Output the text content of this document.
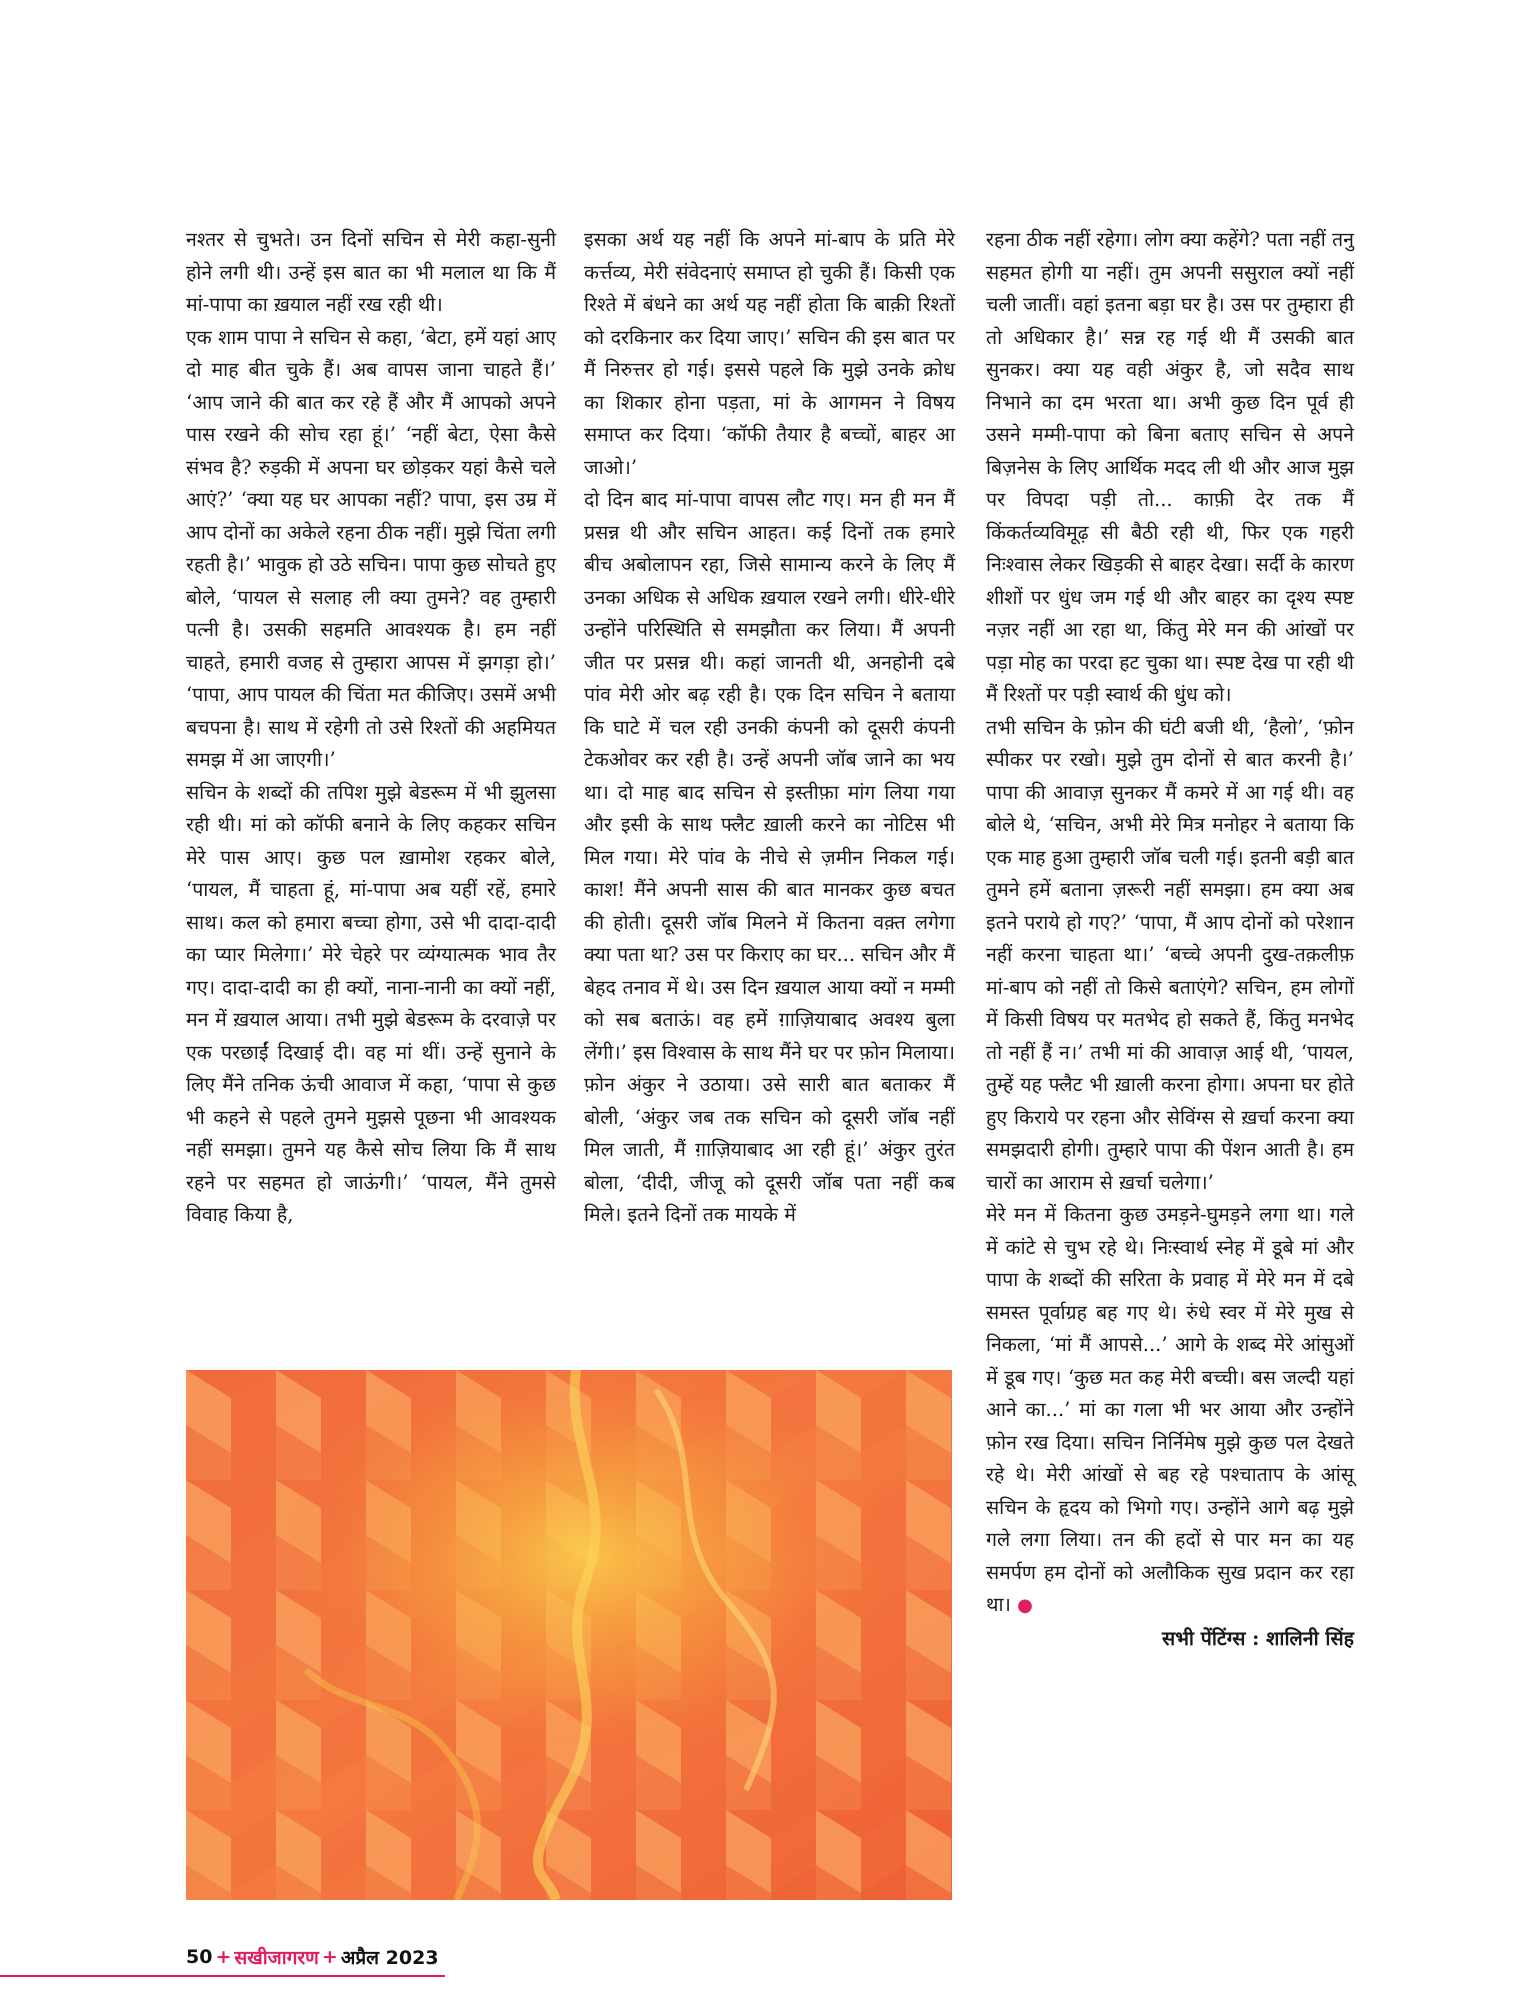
नश्तर से चुभते। उन दिनों सचिन से मेरी कहा-सुनी होने लगी थी। उन्हें इस बात का भी मलाल था कि मैं मां-पापा का ख़याल नहीं रख रही थी।

एक शाम पापा ने सचिन से कहा, ‘बेटा, हमें यहां आए दो माह बीत चुके हैं। अब वापस जाना चाहते हैं।’ ‘आप जाने की बात कर रहे हैं और मैं आपको अपने पास रखने की सोच रहा हूं।’ ‘नहीं बेटा, ऐसा कैसे संभव है? रुड़की में अपना घर छोड़कर यहां कैसे चले आएं?’ ‘क्या यह घर आपका नहीं? पापा, इस उम्र में आप दोनों का अकेले रहना ठीक नहीं। मुझे चिंता लगी रहती है।’ भावुक हो उठे सचिन। पापा कुछ सोचते हुए बोले, ‘पायल से सलाह ली क्या तुमने? वह तुम्हारी पत्नी है। उसकी सहमति आवश्यक है। हम नहीं चाहते, हमारी वजह से तुम्हारा आपस में झगड़ा हो।’ ‘पापा, आप पायल की चिंता मत कीजिए। उसमें अभी बचपना है। साथ में रहेगी तो उसे रिश्तों की अहमियत समझ में आ जाएगी।’

सचिन के शब्दों की तपिश मुझे बेडरूम में भी झुलसा रही थी। मां को कॉफी बनाने के लिए कहकर सचिन मेरे पास आए। कुछ पल ख़ामोश रहकर बोले, ‘पायल, मैं चाहता हूं, मां-पापा अब यहीं रहें, हमारे साथ। कल को हमारा बच्चा होगा, उसे भी दादा-दादी का प्यार मिलेगा।’ मेरे चेहरे पर व्यंग्यात्मक भाव तैर गए। दादा-दादी का ही क्यों, नाना-नानी का क्यों नहीं, मन में ख़याल आया। तभी मुझे बेडरूम के दरवाज़े पर एक परछाईं दिखाई दी। वह मां थीं। उन्हें सुनाने के लिए मैंने तनिक ऊंची आवाज में कहा, ‘पापा से कुछ भी कहने से पहले तुमने मुझसे पूछना भी आवश्यक नहीं समझा। तुमने यह कैसे सोच लिया कि मैं साथ रहने पर सहमत हो जाऊंगी।’ ‘पायल, मैंने तुमसे विवाह किया है,

इसका अर्थ यह नहीं कि अपने मां-बाप के प्रति मेरे कर्त्तव्य, मेरी संवेदनाएं समाप्त हो चुकी हैं। किसी एक रिश्ते में बंधने का अर्थ यह नहीं होता कि बाक़ी रिश्तों को दरकिनार कर दिया जाए।’ सचिन की इस बात पर मैं निरुत्तर हो गई। इससे पहले कि मुझे उनके क्रोध का शिकार होना पड़ता, मां के आगमन ने विषय समाप्त कर दिया। ‘कॉफी तैयार है बच्चों, बाहर आ जाओ।’

दो दिन बाद मां-पापा वापस लौट गए। मन ही मन मैं प्रसन्न थी और सचिन आहत। कई दिनों तक हमारे बीच अबोलापन रहा, जिसे सामान्य करने के लिए मैं उनका अधिक से अधिक ख़याल रखने लगी। धीरे-धीरे उन्होंने परिस्थिति से समझौता कर लिया। मैं अपनी जीत पर प्रसन्न थी। कहां जानती थी, अनहोनी दबे पांव मेरी ओर बढ़ रही है। एक दिन सचिन ने बताया कि घाटे में चल रही उनकी कंपनी को दूसरी कंपनी टेकओवर कर रही है। उन्हें अपनी जॉब जाने का भय था। दो माह बाद सचिन से इस्तीफ़ा मांग लिया गया और इसी के साथ फ्लैट ख़ाली करने का नोटिस भी मिल गया। मेरे पांव के नीचे से ज़मीन निकल गई। काश! मैंने अपनी सास की बात मानकर कुछ बचत की होती। दूसरी जॉब मिलने में कितना वक़्त लगेगा क्या पता था? उस पर किराए का घर... सचिन और मैं बेहद तनाव में थे। उस दिन ख़याल आया क्यों न मम्मी को सब बताऊं। वह हमें ग़ाज़ियाबाद अवश्य बुला लेंगी।’ इस विश्वास के साथ मैंने घर पर फ़ोन मिलाया। फ़ोन अंकुर ने उठाया। उसे सारी बात बताकर मैं बोली, ‘अंकुर जब तक सचिन को दूसरी जॉब नहीं मिल जाती, मैं ग़ाज़ियाबाद आ रही हूं।’ अंकुर तुरंत बोला, ‘दीदी, जीजू को दूसरी जॉब पता नहीं कब मिले। इतने दिनों तक मायके में

रहना ठीक नहीं रहेगा। लोग क्या कहेंगे? पता नहीं तनु सहमत होगी या नहीं। तुम अपनी ससुराल क्यों नहीं चली जातीं। वहां इतना बड़ा घर है। उस पर तुम्हारा ही तो अधिकार है।’ सन्न रह गई थी मैं उसकी बात सुनकर। क्या यह वही अंकुर है, जो सदैव साथ निभाने का दम भरता था। अभी कुछ दिन पूर्व ही उसने मम्मी-पापा को बिना बताए सचिन से अपने बिज़नेस के लिए आर्थिक मदद ली थी और आज मुझ पर विपदा पड़ी तो... काफ़ी देर तक मैं किंकर्तव्यविमूढ़ सी बैठी रही थी, फिर एक गहरी निःश्वास लेकर खिड़की से बाहर देखा। सर्दी के कारण शीशों पर धुंध जम गई थी और बाहर का दृश्य स्पष्ट नज़र नहीं आ रहा था, किंतु मेरे मन की आंखों पर पड़ा मोह का परदा हट चुका था। स्पष्ट देख पा रही थी मैं रिश्तों पर पड़ी स्वार्थ की धुंध को।

तभी सचिन के फ़ोन की घंटी बजी थी, ‘हैलो’, ‘फ़ोन स्पीकर पर रखो। मुझे तुम दोनों से बात करनी है।’ पापा की आवाज़ सुनकर मैं कमरे में आ गई थी। वह बोले थे, ‘सचिन, अभी मेरे मित्र मनोहर ने बताया कि एक माह हुआ तुम्हारी जॉब चली गई। इतनी बड़ी बात तुमने हमें बताना ज़रूरी नहीं समझा। हम क्या अब इतने पराये हो गए?’ ‘पापा, मैं आप दोनों को परेशान नहीं करना चाहता था।’ ‘बच्चे अपनी दुख-तक़लीफ़ मां-बाप को नहीं तो किसे बताएंगे? सचिन, हम लोगों में किसी विषय पर मतभेद हो सकते हैं, किंतु मनभेद तो नहीं हैं न।’ तभी मां की आवाज़ आई थी, ‘पायल, तुम्हें यह फ्लैट भी ख़ाली करना होगा। अपना घर होते हुए किराये पर रहना और सेविंग्स से ख़र्चा करना क्या समझदारी होगी। तुम्हारे पापा की पेंशन आती है। हम चारों का आराम से ख़र्चा चलेगा।’

मेरे मन में कितना कुछ उमड़ने-घुमड़ने लगा था। गले में कांटे से चुभ रहे थे। निःस्वार्थ स्नेह में डूबे मां और पापा के शब्दों की सरिता के प्रवाह में मेरे मन में दबे समस्त पूर्वाग्रह बह गए थे। रुंधे स्वर में मेरे मुख से निकला, ‘मां मैं आपसे...’ आगे के शब्द मेरे आंसुओं में डूब गए। ‘कुछ मत कह मेरी बच्ची। बस जल्दी यहां आने का...’ मां का गला भी भर आया और उन्होंने फ़ोन रख दिया। सचिन निर्निमेष मुझे कुछ पल देखते रहे थे। मेरी आंखों से बह रहे पश्चाताप के आंसू सचिन के हृदय को भिगो गए। उन्होंने आगे बढ़ मुझे गले लगा लिया। तन की हदों से पार मन का यह समर्पण हम दोनों को अलौकिक सुख प्रदान कर रहा था। ●

सभी पेंटिंग्स : शालिनी सिंह

50 + सखीजागरण + अप्रैल 2023
